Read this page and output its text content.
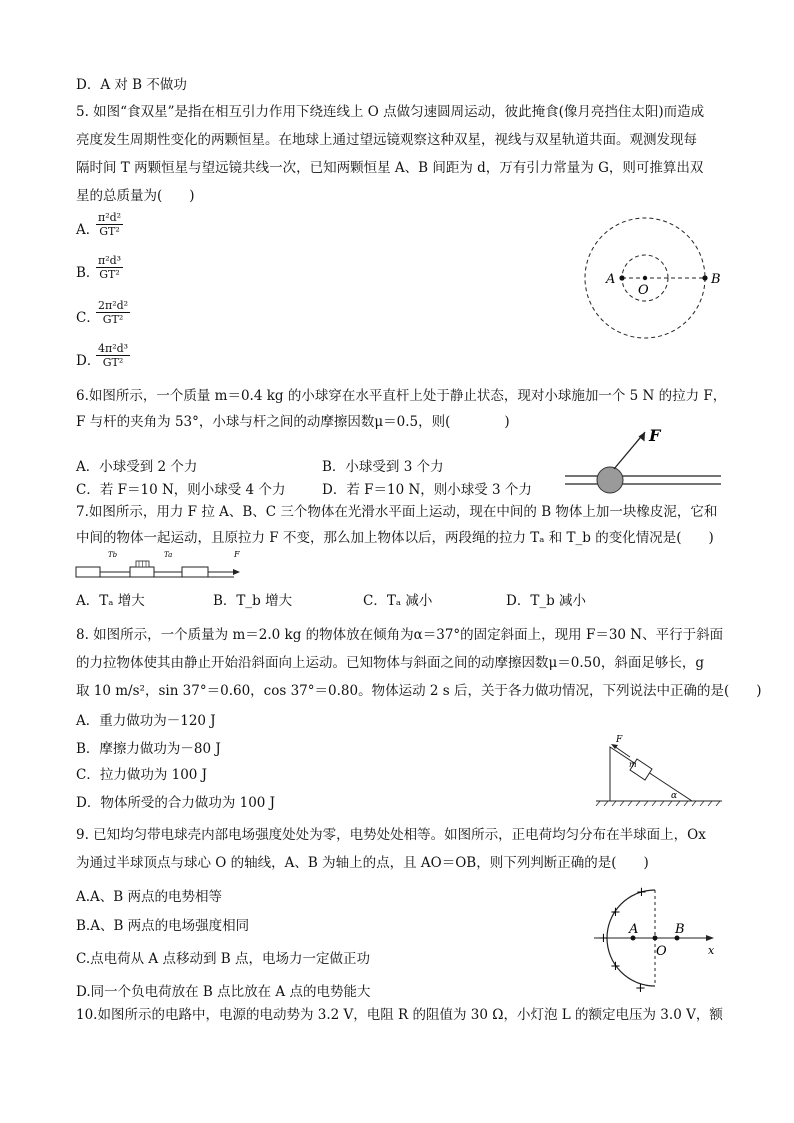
D．A 对 B 不做功
5. 如图“食双星”是指在相互引力作用下绕连线上 O 点做匀速圆周运动，彼此掩食(像月亮挡住太阳)而造成
亮度发生周期性变化的两颗恒星。在地球上通过望远镜观察这种双星，视线与双星轨道共面。观测发现每
隔时间 T 两颗恒星与望远镜共线一次，已知两颗恒星 A、B 间距为 d，万有引力常量为 G，则可推算出双
星的总质量为(　　)
A．
$\frac{\text{π²d²}}{\text{GT²}}$
B．
$\frac{\text{π²d³}}{\text{GT²}}$
C．
$\frac{\text{2π²d²}}{\text{GT²}}$
D．
$\frac{\text{4π²d³}}{\text{GT²}}$
A
O
B
6.如图所示，一个质量 m＝0.4 kg 的小球穿在水平直杆上处于静止状态，现对小球施加一个 5 N 的拉力 F，
F 与杆的夹角为 53°，小球与杆之间的动摩擦因数μ＝0.5，则(　　　　)
A．小球受到 2 个力	B．小球受到 3 个力
C．若 F＝10 N，则小球受 4 个力	D．若 F＝10 N，则小球受 3 个力
F
7.如图所示，用力 F 拉 A、B、C 三个物体在光滑水平面上运动，现在中间的 B 物体上加一块橡皮泥，它和
中间的物体一起运动，且原拉力 F 不变，那么加上物体以后，两段绳的拉力 Tₐ 和 T_b 的变化情况是(　　)
Tb	Ta	F
A．Tₐ 增大	B．T_b 增大	C．Tₐ 减小	D．T_b 减小
8. 如图所示，一个质量为 m＝2.0 kg 的物体放在倾角为α＝37°的固定斜面上，现用 F＝30 N、平行于斜面
的力拉物体使其由静止开始沿斜面向上运动。已知物体与斜面之间的动摩擦因数μ＝0.50，斜面足够长，g
取 10 m/s²，sin 37°＝0.60，cos 37°＝0.80。物体运动 2 s 后，关于各力做功情况，下列说法中正确的是(　　)
A．重力做功为－120 J
B．摩擦力做功为－80 J
C．拉力做功为 100 J
D．物体所受的合力做功为 100 J
F
m
α
9. 已知均匀带电球壳内部电场强度处处为零，电势处处相等。如图所示，正电荷均匀分布在半球面上，Ox
为通过半球顶点与球心 O 的轴线，A、B 为轴上的点，且 AO＝OB，则下列判断正确的是(　　)
A.A、B 两点的电势相等
B.A、B 两点的电场强度相同
C.点电荷从 A 点移动到 B 点，电场力一定做正功
D.同一个负电荷放在 B 点比放在 A 点的电势能大
A
O
B
x
+
+
+
+
+
10.如图所示的电路中，电源的电动势为 3.2 V，电阻 R 的阻值为 30 Ω，小灯泡 L 的额定电压为 3.0 V，额
